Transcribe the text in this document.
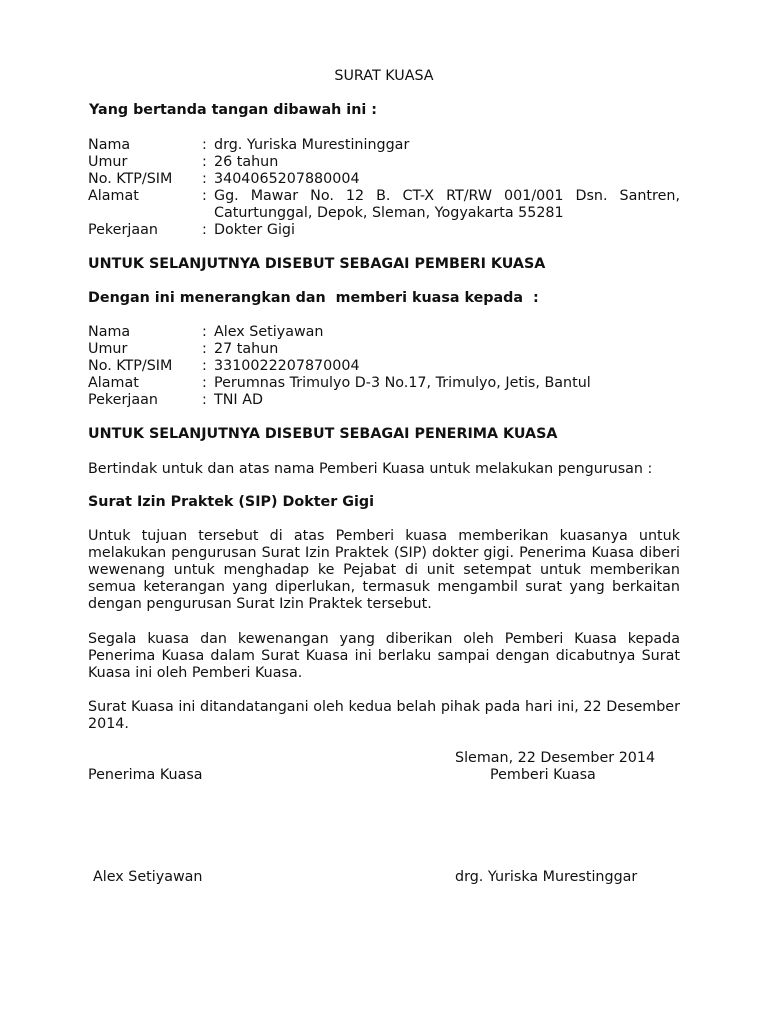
SURAT KUASA
Yang bertanda tangan dibawah ini :
Nama	: drg. Yuriska Murestininggar
Umur	: 26 tahun
No. KTP/SIM	: 3404065207880004
Alamat	: Gg. Mawar No. 12 B. CT-X RT/RW 001/001 Dsn. Santren, Caturtunggal, Depok, Sleman, Yogyakarta 55281
Pekerjaan	: Dokter Gigi
UNTUK SELANJUTNYA DISEBUT SEBAGAI PEMBERI KUASA
Dengan ini menerangkan dan  memberi kuasa kepada  :
Nama	: Alex Setiyawan
Umur	: 27 tahun
No. KTP/SIM	: 3310022207870004
Alamat	: Perumnas Trimulyo D-3 No.17, Trimulyo, Jetis, Bantul
Pekerjaan	: TNI AD
UNTUK SELANJUTNYA DISEBUT SEBAGAI PENERIMA KUASA
Bertindak untuk dan atas nama Pemberi Kuasa untuk melakukan pengurusan :
Surat Izin Praktek (SIP) Dokter Gigi
Untuk tujuan tersebut di atas Pemberi kuasa memberikan kuasanya untuk melakukan pengurusan Surat Izin Praktek (SIP) dokter gigi. Penerima Kuasa diberi wewenang untuk menghadap ke Pejabat di unit setempat untuk memberikan semua keterangan yang diperlukan, termasuk mengambil surat yang berkaitan dengan pengurusan Surat Izin Praktek tersebut.
Segala kuasa dan kewenangan yang diberikan oleh Pemberi Kuasa kepada Penerima Kuasa dalam Surat Kuasa ini berlaku sampai dengan dicabutnya Surat Kuasa ini oleh Pemberi Kuasa.
Surat Kuasa ini ditandatangani oleh kedua belah pihak pada hari ini, 22 Desember 2014.
Sleman, 22 Desember 2014
Penerima Kuasa	Pemberi Kuasa
Alex Setiyawan	drg. Yuriska Murestinggar
